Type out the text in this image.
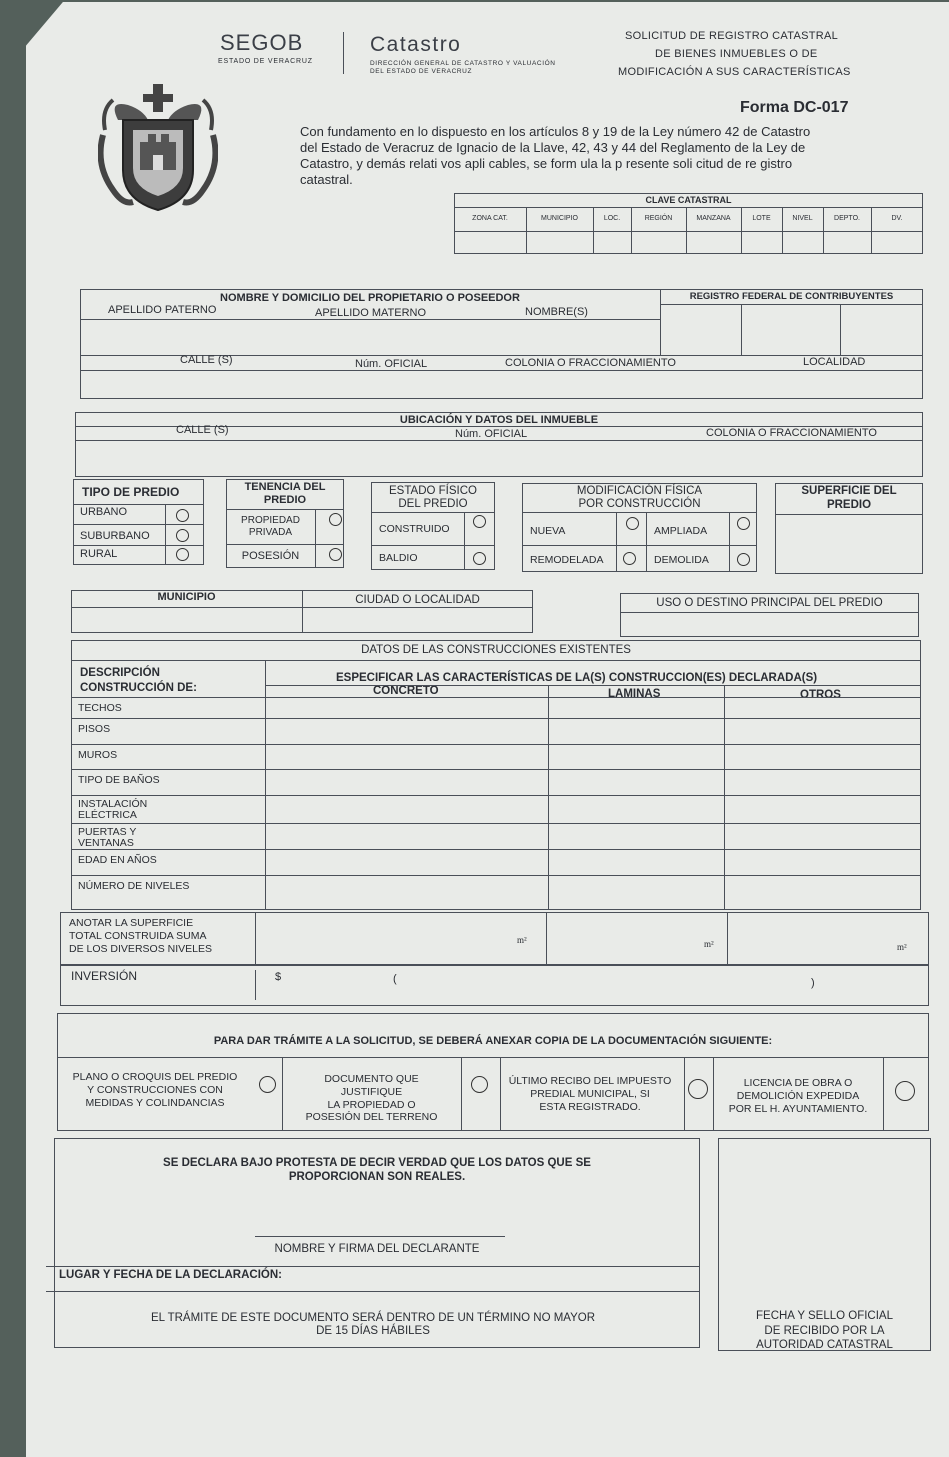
SEGOB
ESTADO DE VERACRUZ
Catastro
DIRECCIÓN GENERAL DE CATASTRO Y VALUACIÓN
DEL ESTADO DE VERACRUZ
SOLICITUD DE REGISTRO CATASTRAL
DE BIENES INMUEBLES O DE
MODIFICACIÓN A SUS CARACTERÍSTICAS
Forma DC-017
Con fundamento en lo dispuesto en los artículos 8 y 19 de la Ley número 42 de Catastro
del Estado de Veracruz de Ignacio de la Llave, 42, 43 y 44 del Reglamento de la Ley de
Catastro, y demás relati vos apli cables, se form ula la p resente soli citud de re gistro
catastral.
CLAVE CATASTRAL
ZONA CAT.	MUNICIPIO	LOC.	REGIÓN	MANZANA	LOTE	NIVEL	DEPTO.	DV.
NOMBRE Y DOMICILIO DEL PROPIETARIO O POSEEDOR	REGISTRO FEDERAL DE CONTRIBUYENTES
APELLIDO PATERNO	APELLIDO MATERNO	NOMBRE(S)
CALLE (S)	Núm. OFICIAL	COLONIA O FRACCIONAMIENTO	LOCALIDAD
UBICACIÓN Y DATOS DEL INMUEBLE
CALLE (S)	Núm. OFICIAL	COLONIA O FRACCIONAMIENTO
TIPO DE PREDIO
URBANO
SUBURBANO
RURAL
TENENCIA DEL
PREDIO
PROPIEDAD
PRIVADA
POSESIÓN
ESTADO FÍSICO
DEL PREDIO
CONSTRUIDO
BALDIO
MODIFICACIÓN FÍSICA
POR CONSTRUCCIÓN
NUEVA	AMPLIADA
REMODELADA	DEMOLIDA
SUPERFICIE DEL
PREDIO
MUNICIPIO	CIUDAD O LOCALIDAD	USO O DESTINO PRINCIPAL DEL PREDIO
DATOS DE LAS CONSTRUCCIONES EXISTENTES
DESCRIPCIÓN
CONSTRUCCIÓN DE:
ESPECIFICAR LAS CARACTERÍSTICAS DE LA(S) CONSTRUCCION(ES) DECLARADA(S)
CONCRETO	LAMINAS	OTROS
TECHOS
PISOS
MUROS
TIPO DE BAÑOS
INSTALACIÓN
ELÉCTRICA
PUERTAS Y
VENTANAS
EDAD EN AÑOS
NÚMERO DE NIVELES
ANOTAR LA SUPERFICIE
TOTAL CONSTRUIDA SUMA
DE LOS DIVERSOS NIVELES
m²	m²	m²
INVERSIÓN	$	(	)
PARA DAR TRÁMITE A LA SOLICITUD, SE DEBERÁ ANEXAR COPIA DE LA DOCUMENTACIÓN SIGUIENTE:
PLANO O CROQUIS DEL PREDIO
Y CONSTRUCCIONES CON
MEDIDAS Y COLINDANCIAS
DOCUMENTO QUE
JUSTIFIQUE
LA PROPIEDAD O
POSESIÓN DEL TERRENO
ÚLTIMO RECIBO DEL IMPUESTO
PREDIAL MUNICIPAL, SI
ESTA REGISTRADO.
LICENCIA DE OBRA O
DEMOLICIÓN EXPEDIDA
POR EL H. AYUNTAMIENTO.
SE DECLARA BAJO PROTESTA DE DECIR VERDAD QUE LOS DATOS QUE SE
PROPORCIONAN SON REALES.
NOMBRE Y FIRMA DEL DECLARANTE
LUGAR Y FECHA DE LA DECLARACIÓN:
EL TRÁMITE DE ESTE DOCUMENTO SERÁ DENTRO DE UN TÉRMINO NO MAYOR
DE 15 DÍAS HÁBILES
FECHA Y SELLO OFICIAL
DE RECIBIDO POR LA
AUTORIDAD CATASTRAL
